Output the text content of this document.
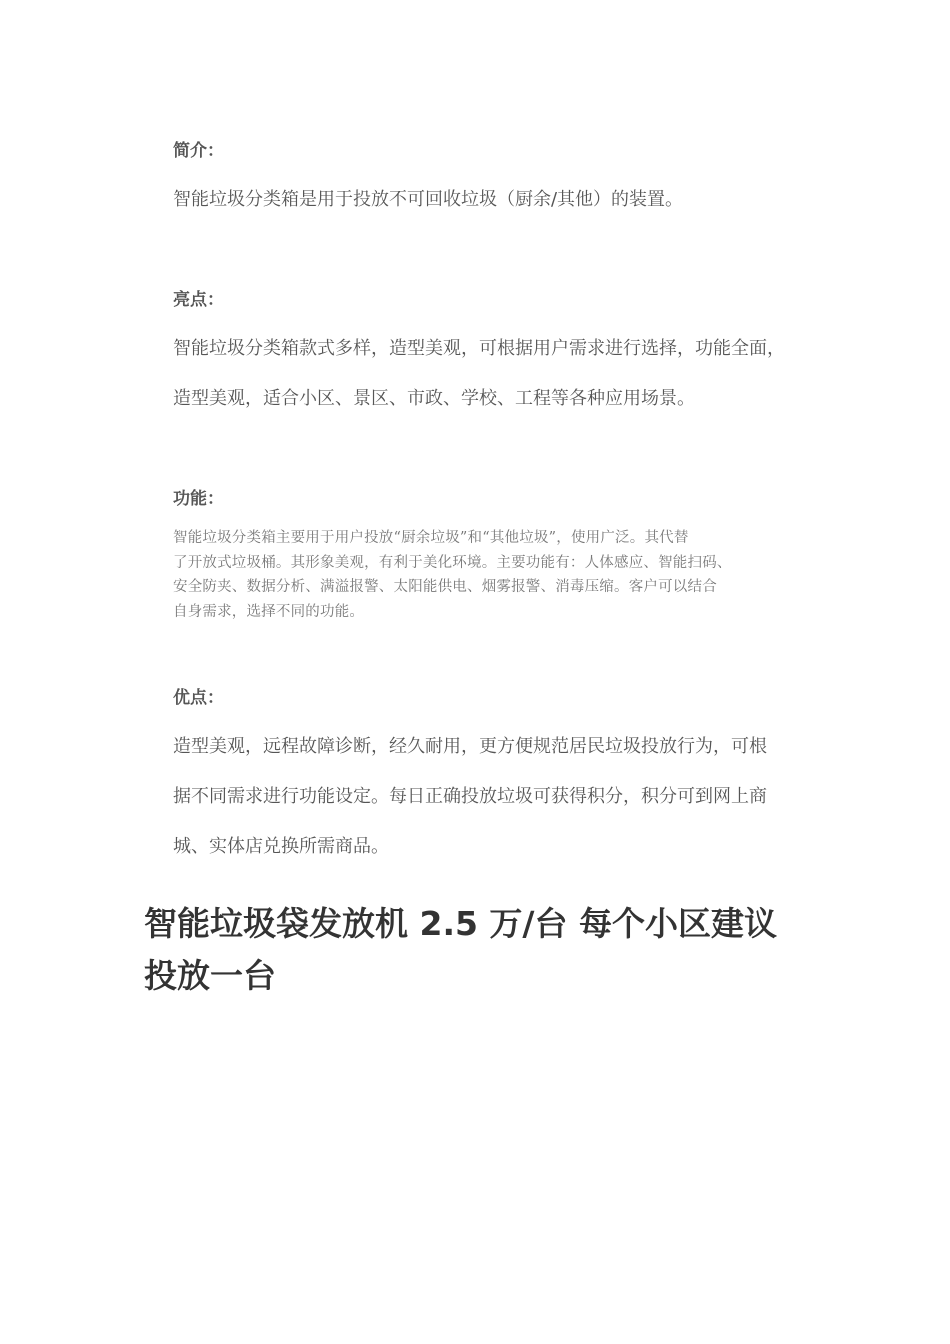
简介：

智能垃圾分类箱是用于投放不可回收垃圾（厨余/其他）的装置。

亮点：

智能垃圾分类箱款式多样，造型美观，可根据用户需求进行选择，功能全面，

造型美观，适合小区、景区、市政、学校、工程等各种应用场景。

功能：

智能垃圾分类箱主要用于用户投放“厨余垃圾”和“其他垃圾”，使用广泛。其代替
了开放式垃圾桶。其形象美观，有利于美化环境。主要功能有：人体感应、智能扫码、
安全防夹、数据分析、满溢报警、太阳能供电、烟雾报警、消毒压缩。客户可以结合
自身需求，选择不同的功能。

优点：

造型美观，远程故障诊断，经久耐用，更方便规范居民垃圾投放行为，可根

据不同需求进行功能设定。每日正确投放垃圾可获得积分，积分可到网上商

城、实体店兑换所需商品。

智能垃圾袋发放机 2.5 万/台 每个小区建议
投放一台
